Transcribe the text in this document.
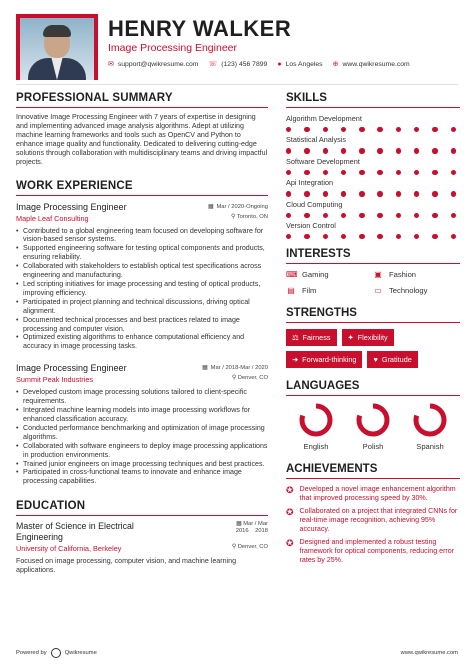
HENRY WALKER
Image Processing Engineer
✉ support@qwikresume.com ☏ (123) 456 7899 ● Los Angeles ⊕ www.qwikresume.com
PROFESSIONAL SUMMARY

Innovative Image Processing Engineer with 7 years of expertise in designing and implementing advanced image analysis algorithms. Adept at utilizing machine learning frameworks and tools such as OpenCV and Python to enhance image quality and functionality. Dedicated to delivering cutting-edge solutions through collaboration with multidisciplinary teams and driving impactful projects.

WORK EXPERIENCE
Image Processing Engineer	▦ Mar / 2020-Ongoing
Maple Leaf Consulting	⚲ Toronto, ON
• Contributed to a global engineering team focused on developing software for vision-based sensor systems.
• Supported engineering software for testing optical components and products, ensuring reliability.
• Collaborated with stakeholders to establish optical test specifications across engineering and manufacturing.
• Led scripting initiatives for image processing and testing of optical products, improving efficiency.
• Participated in project planning and technical discussions, driving optical alignment.
• Documented technical processes and best practices related to image processing and computer vision.
• Optimized existing algorithms to enhance computational efficiency and accuracy in image processing tasks.
Image Processing Engineer	▦ Mar / 2018-Mar / 2020
Summit Peak Industries	⚲ Denver, CO
• Developed custom image processing solutions tailored to client-specific requirements.
• Integrated machine learning models into image processing workflows for enhanced classification accuracy.
• Conducted performance benchmarking and optimization of image processing algorithms.
• Collaborated with software engineers to deploy image processing applications in production environments.
• Trained junior engineers on image processing techniques and best practices.
• Participated in cross-functional teams to innovate and enhance image processing capabilities.
EDUCATION
Master of Science in Electrical Engineering
▦ Mar / Mar
2016 2018
University of California, Berkeley	⚲ Denver, CO

Focused on image processing, computer vision, and machine learning applications.

SKILLS
Algorithm Development
Statistical Analysis
Software Development
Api Integration
Cloud Computing
Version Control
INTERESTS
⌨ Gaming	▣ Fashion
▤ Film	▭ Technology
STRENGTHS
⚖ Fairness ✦ Flexibility
➜ Forward-thinking ♥ Gratitude
LANGUAGES
English	Polish	Spanish
ACHIEVEMENTS
✪ Developed a novel image enhancement algorithm that improved processing speed by 30%.
✪ Collaborated on a project that integrated CNNs for real-time image recognition, achieving 95% accuracy.
✪ Designed and implemented a robust testing framework for optical components, reducing error rates by 25%.
Powered by	Qwikresume	www.qwikresume.com
